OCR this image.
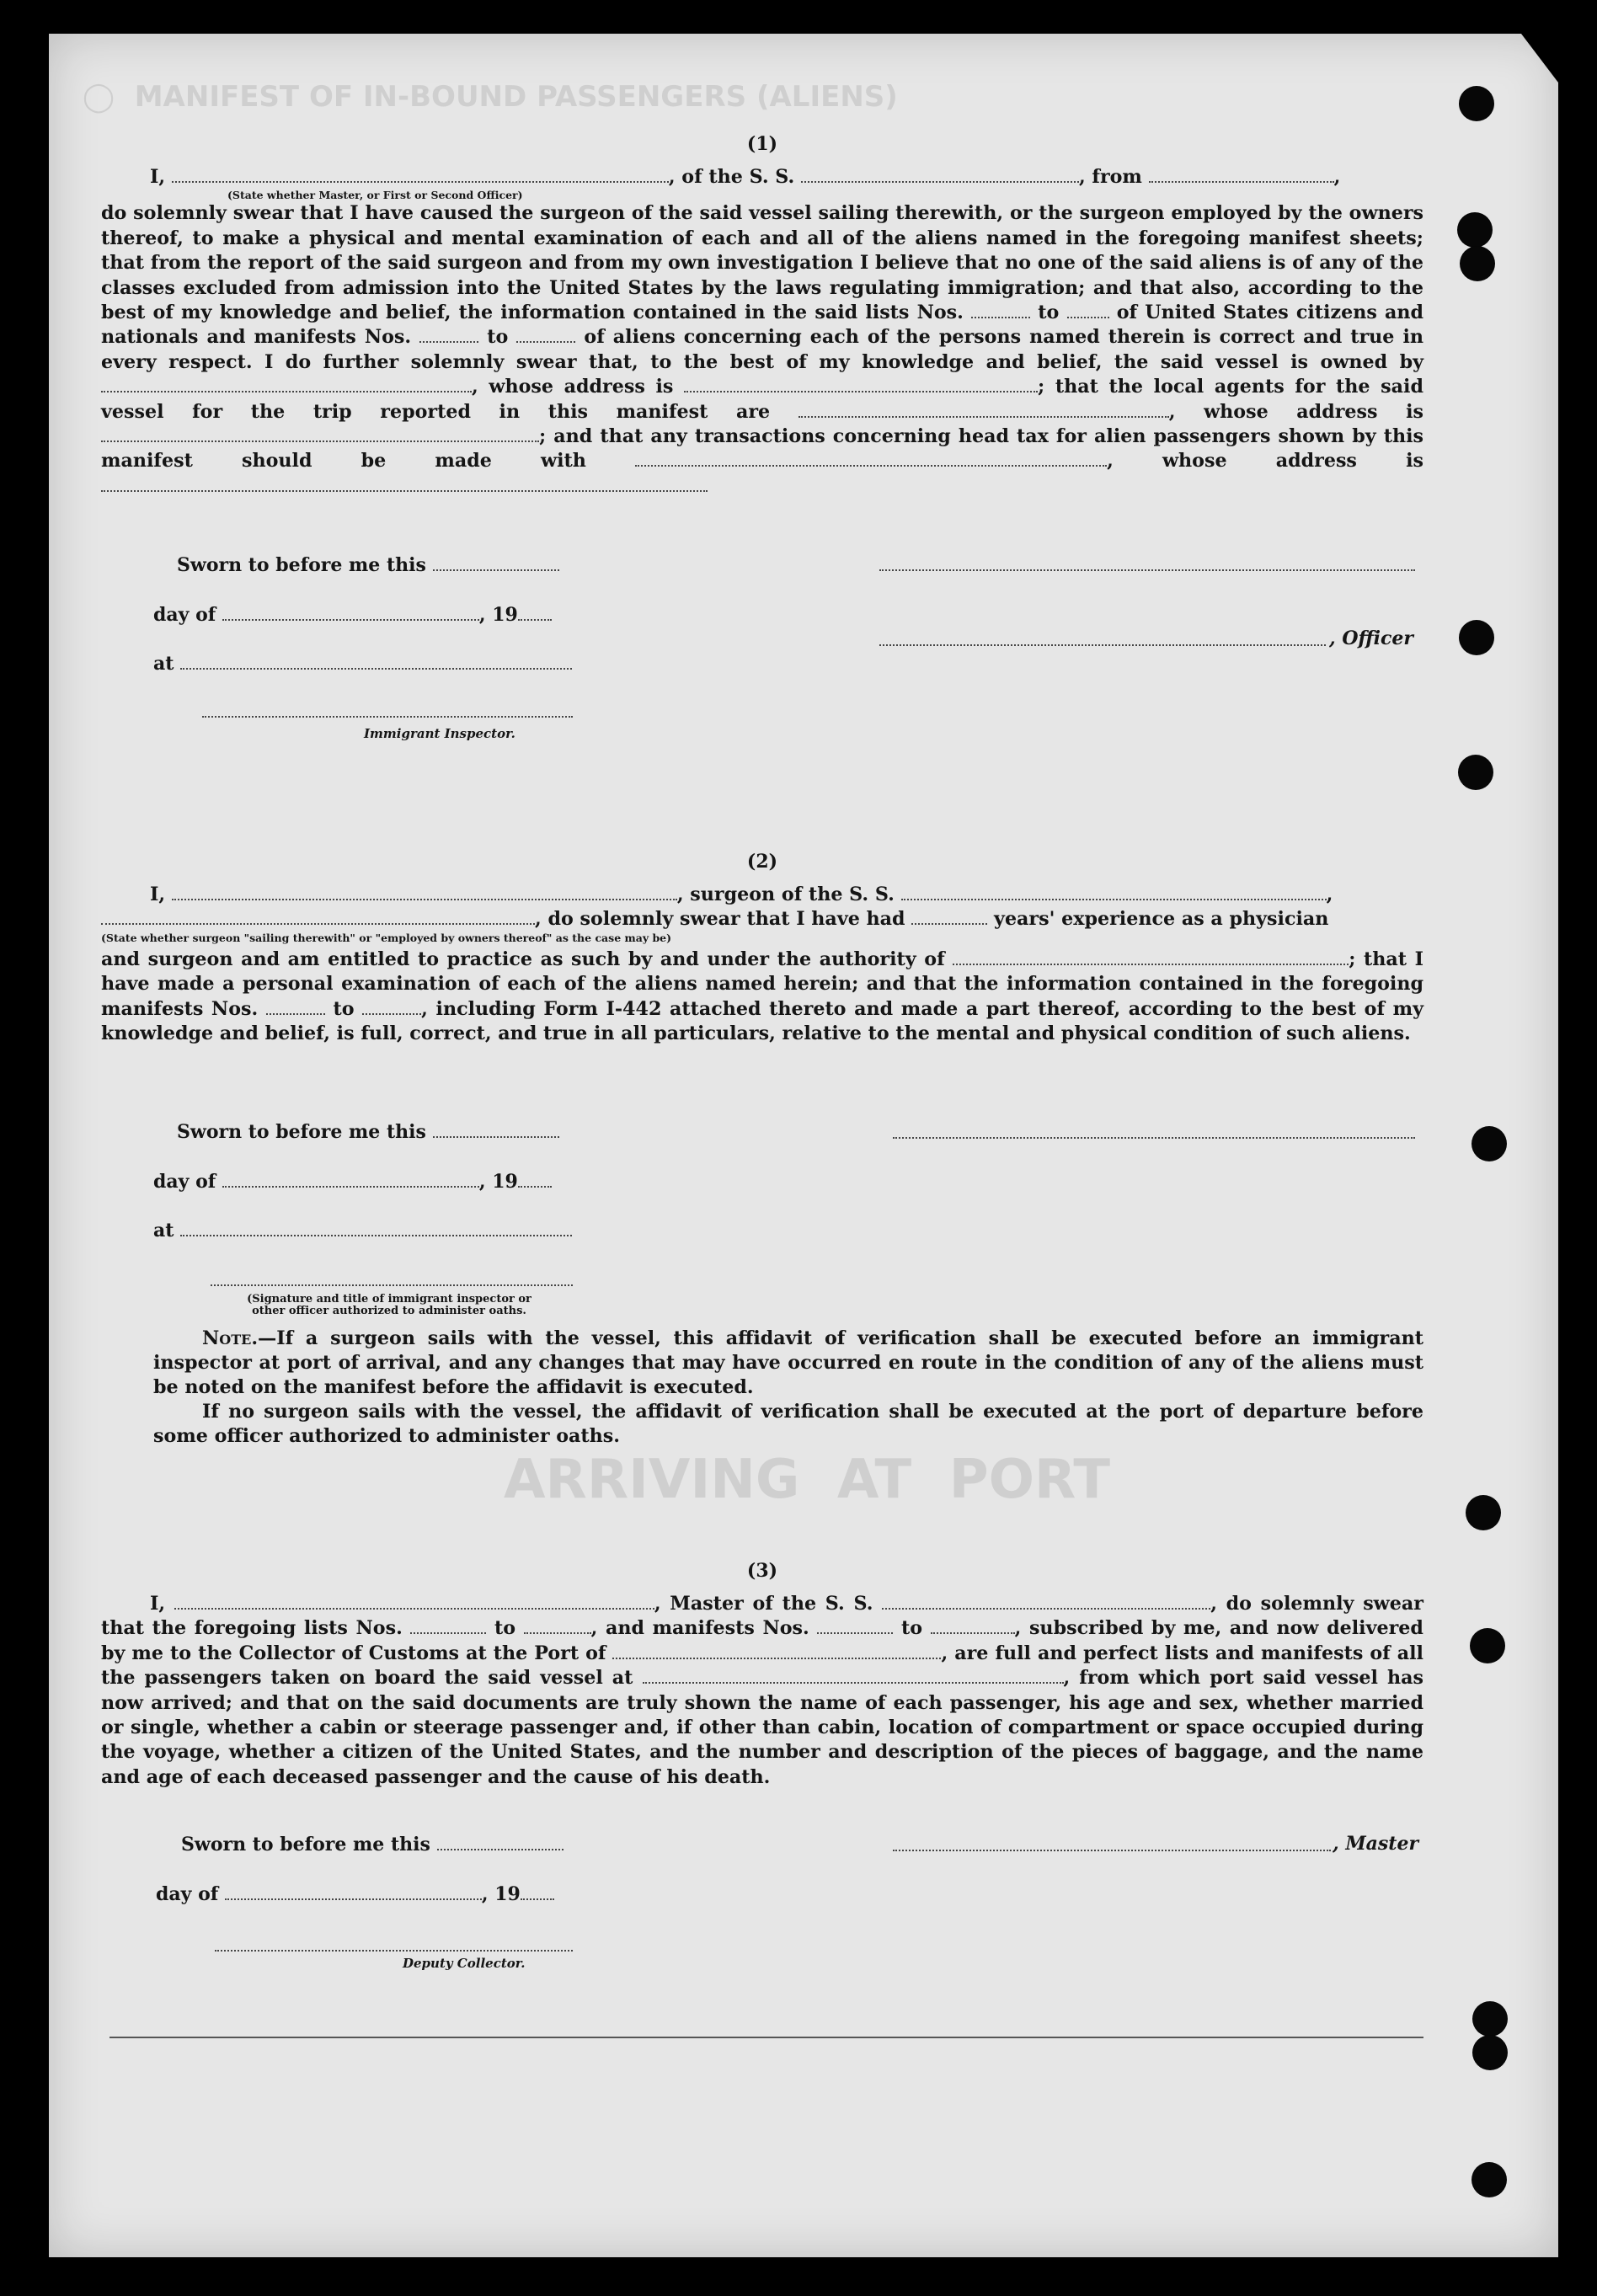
◯  MANIFEST OF IN-BOUND PASSENGERS (ALIENS)
ARRIVING  AT  PORT
(1)
I,	, of the S. S.	, from	,
(State whether Master, or First or Second Officer)

do solemnly swear that I have caused the surgeon of the said vessel sailing therewith, or the surgeon employed by the owners thereof, to make a physical and mental examination of each and all of the aliens named in the foregoing manifest sheets; that from the report of the said surgeon and from my own investigation I believe that no one of the said aliens is of any of the classes excluded from admission into the United States by the laws regulating immigration; and that also, according to the best of my knowledge and belief, the information contained in the said lists Nos.	to	of United States citizens and nationals and manifests Nos.	to	of aliens concerning each of the persons named therein is correct and true in every respect. I do further solemnly swear that, to the best of my knowledge and belief, the said vessel is owned by , whose address is	; that the local agents for the said vessel for the trip reported in this manifest are	, whose address is ; and that any transactions concerning head tax for alien passengers shown by this manifest should be made with	, whose address is

Sworn to before me this
day of	, 19
at
Immigrant Inspector.
, Officer
(2)
I,	, surgeon of the S. S.	,
, do solemnly swear that I have had	years' experience as a physician
(State whether surgeon "sailing therewith" or "employed by owners thereof" as the case may be)

and surgeon and am entitled to practice as such by and under the authority of	; that I have made a personal examination of each of the aliens named herein; and that the information contained in the foregoing manifests Nos.	to	, including Form I-442 attached thereto and made a part thereof, according to the best of my knowledge and belief, is full, correct, and true in all particulars, relative to the mental and physical condition of such aliens.

Sworn to before me this
day of	, 19
at
(Signature and title of immigrant inspector or
other officer authorized to administer oaths.

Note.—If a surgeon sails with the vessel, this affidavit of verification shall be executed before an immigrant inspector at port of arrival, and any changes that may have occurred en route in the condition of any of the aliens must be noted on the manifest before the affidavit is executed.

If no surgeon sails with the vessel, the affidavit of verification shall be executed at the port of departure before some officer authorized to administer oaths.

(3)

I,	, Master of the S. S.	, do solemnly swear that the foregoing lists Nos.	to	, and manifests Nos.	to	, subscribed by me, and now delivered by me to the Collector of Customs at the Port of	, are full and perfect lists and manifests of all the passengers taken on board the said vessel at	, from which port said vessel has now arrived; and that on the said documents are truly shown the name of each passenger, his age and sex, whether married or single, whether a cabin or steerage passenger and, if other than cabin, location of compartment or space occupied during the voyage, whether a citizen of the United States, and the number and description of the pieces of baggage, and the name and age of each deceased passenger and the cause of his death.

Sworn to before me this
day of	, 19
Deputy Collector.
, Master
